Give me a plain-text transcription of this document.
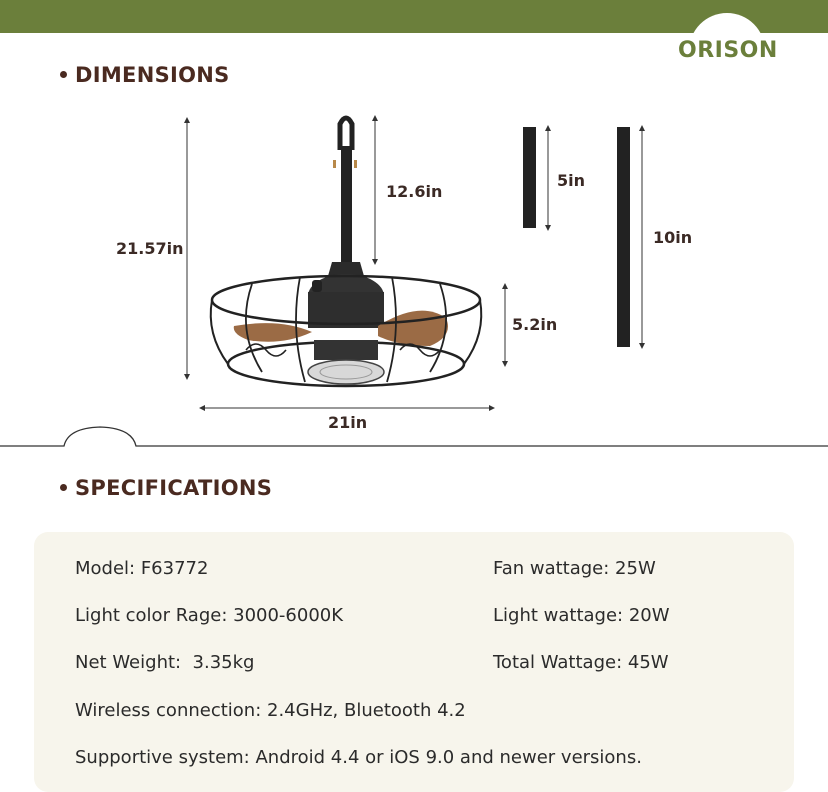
ORISON
DIMENSIONS
21.57in
12.6in
5.2in
21in
5in
10in
SPECIFICATIONS
Model: F63772	Fan wattage: 25W
Light color Rage: 3000-6000K	Light wattage: 20W
Net Weight:  3.35kg	Total Wattage: 45W
Wireless connection: 2.4GHz, Bluetooth 4.2
Supportive system: Android 4.4 or iOS 9.0 and newer versions.
